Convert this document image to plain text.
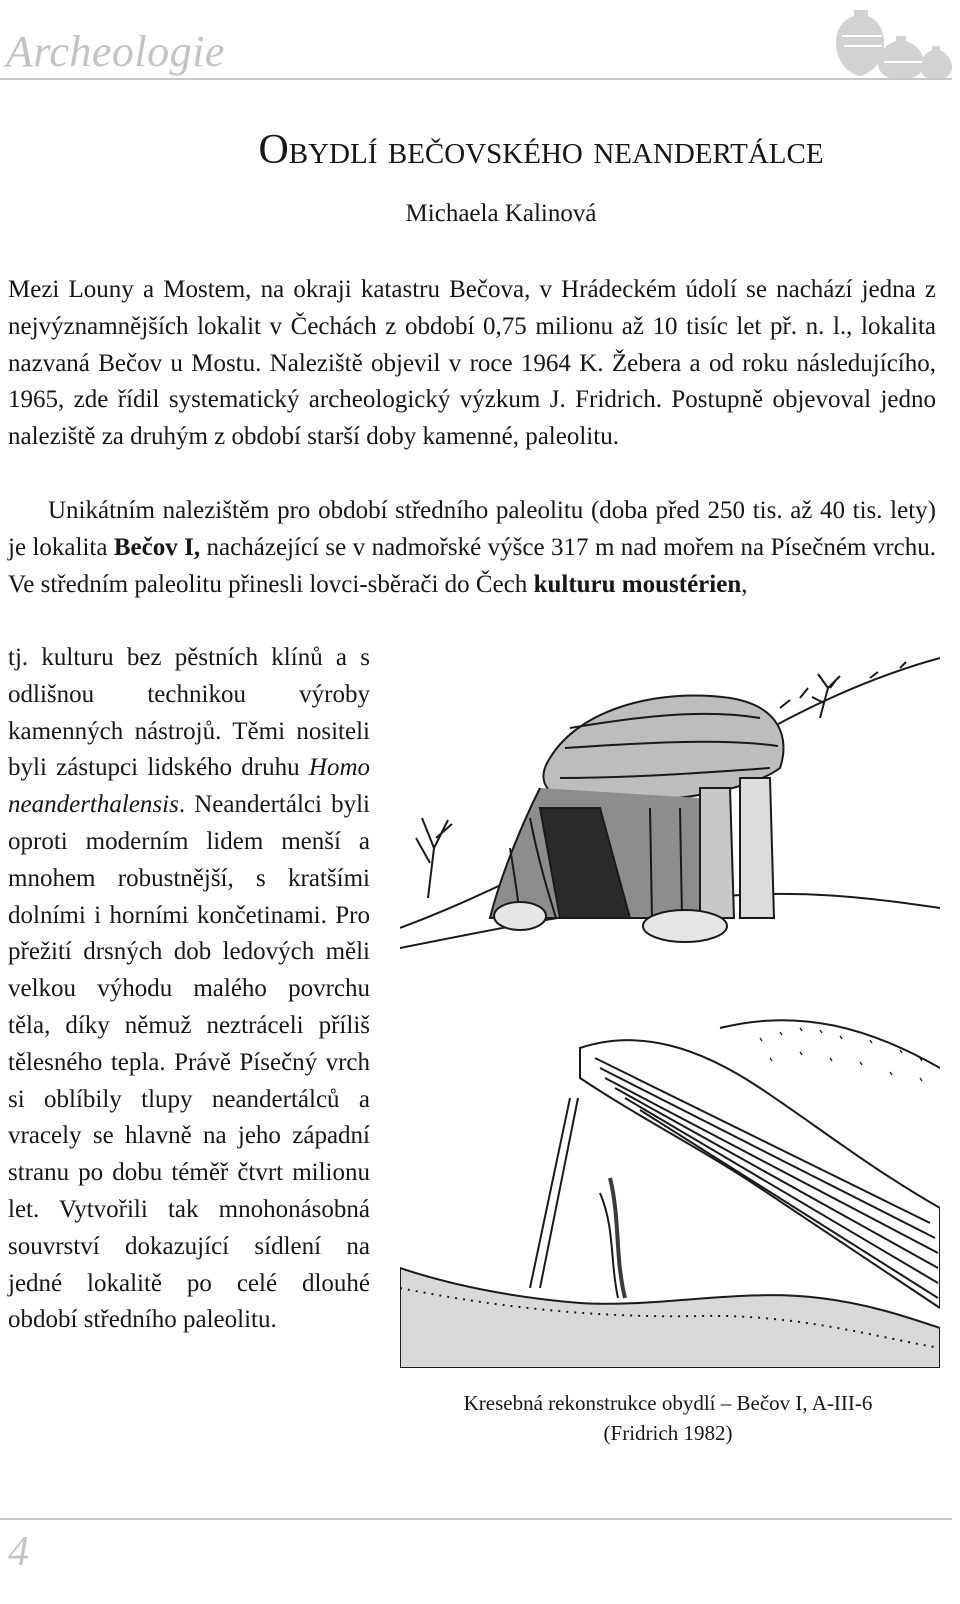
Archeologie
Obydlí bečovského neandertálce
Michaela Kalinová

Mezi Louny a Mostem, na okraji katastru Bečova, v Hrádeckém údolí se nachází jedna z nejvýznamnějších lokalit v Čechách z období 0,75 milionu až 10 tisíc let př. n. l., lokalita nazvaná Bečov u Mostu. Naleziště objevil v roce 1964 K. Žebera a od roku následujícího, 1965, zde řídil systematický archeologický výzkum J. Fridrich. Postupně objevoval jedno naleziště za druhým z období starší doby kamenné, paleolitu.

Unikátním nalezištěm pro období středního paleolitu (doba před 250 tis. až 40 tis. lety) je lokalita Bečov I, nacházející se v nadmořské výšce 317 m nad mořem na Písečném vrchu. Ve středním paleolitu přinesli lovci-sběrači do Čech kulturu moustérien,

tj. kulturu bez pěstních klínů a s odlišnou technikou výroby kamenných nástrojů. Těmi nositeli byli zástupci lidského druhu Homo neanderthalensis. Neandertálci byli oproti moderním lidem menší a mnohem robustnější, s kratšími dolními i horními končetinami. Pro přežití drsných dob ledových měli velkou výhodu malého povrchu těla, díky němuž neztráceli příliš tělesného tepla. Právě Písečný vrch si oblíbily tlupy neandertálců a vracely se hlavně na jeho západní stranu po dobu téměř čtvrt milionu let. Vytvořili tak mnohonásobná souvrství dokazující sídlení na jedné lokalitě po celé dlouhé období středního paleolitu.

Kresebná rekonstrukce obydlí – Bečov I, A-III-6
(Fridrich 1982)
4
